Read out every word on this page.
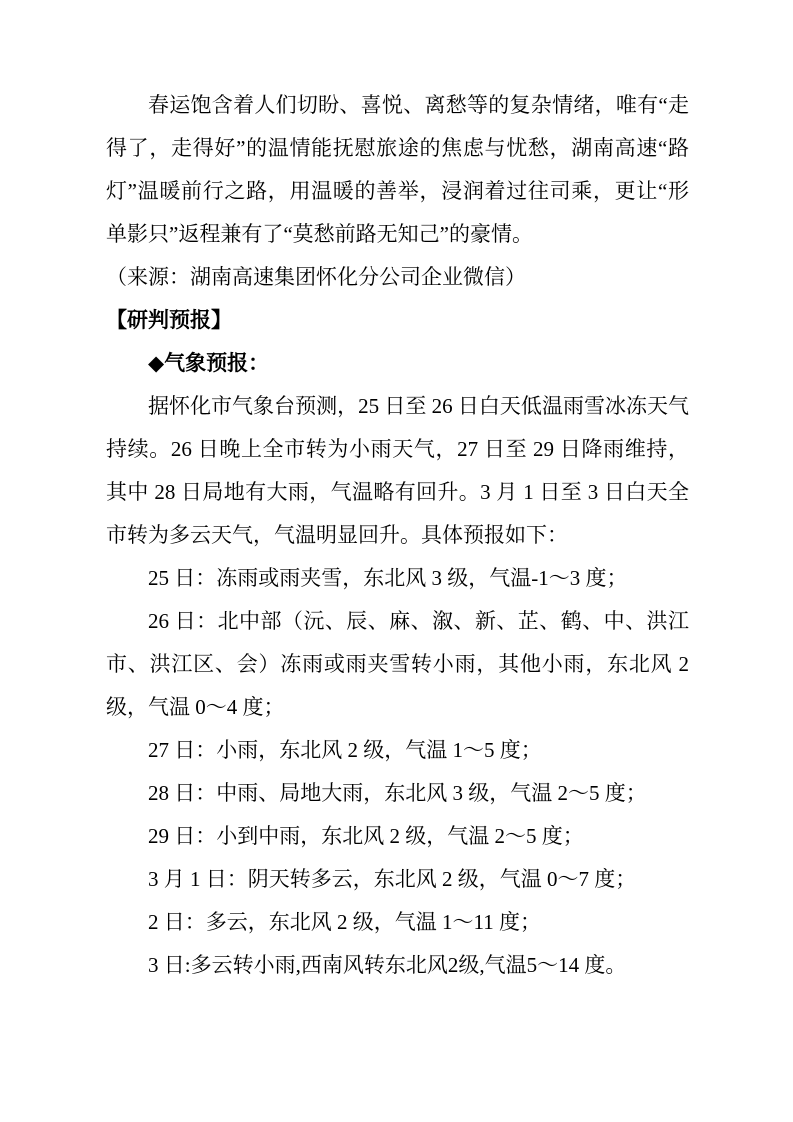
春运饱含着人们切盼、喜悦、离愁等的复杂情绪，唯有“走得了，走得好”的温情能抚慰旅途的焦虑与忧愁，湖南高速“路灯”温暖前行之路，用温暖的善举，浸润着过往司乘，更让“形单影只”返程兼有了“莫愁前路无知己”的豪情。

（来源：湖南高速集团怀化分公司企业微信）

【研判预报】
◆气象预报：

据怀化市气象台预测，25 日至 26 日白天低温雨雪冰冻天气持续。26 日晚上全市转为小雨天气，27 日至 29 日降雨维持，其中 28 日局地有大雨，气温略有回升。3 月 1 日至 3 日白天全市转为多云天气，气温明显回升。具体预报如下：

25 日：冻雨或雨夹雪，东北风 3 级，气温-1～3 度；

26 日：北中部（沅、辰、麻、溆、新、芷、鹤、中、洪江市、洪江区、会）冻雨或雨夹雪转小雨，其他小雨，东北风 2 级，气温 0～4 度；

27 日：小雨，东北风 2 级，气温 1～5 度；

28 日：中雨、局地大雨，东北风 3 级，气温 2～5 度；

29 日：小到中雨，东北风 2 级，气温 2～5 度；

3 月 1 日：阴天转多云，东北风 2 级，气温 0～7 度；

2 日：多云，东北风 2 级，气温 1～11 度；

3 日:多云转小雨,西南风转东北风2级,气温5～14 度。
